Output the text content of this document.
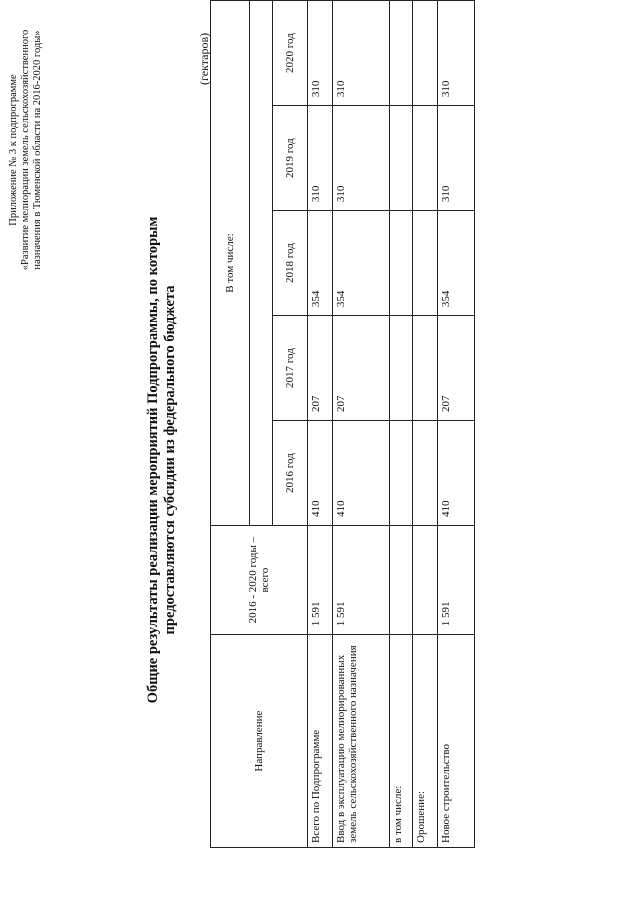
Приложение № 3 к подпрограмме «Развитие мелиорации земель сельскохозяйственного назначения в Тюменской области на 2016-2020 годы»
Общие результаты реализации мероприятий Подпрограммы, по которым предоставляются субсидии из федерального бюджета
(гектаров)
Направление	2016 - 2020 годы – всего	В том числе:				

		2016 год	2017 год	2018 год	2019 год	2020 год
Всего по Подпрограмме	1 591	410	207	354	310	310
Ввод в эксплуатацию мелиорированных земель сельскохозяйственного назначения	1 591	410	207	354	310	310
в том числе:						
Орошение:						
Новое строительство	1 591	410	207	354	310	310
